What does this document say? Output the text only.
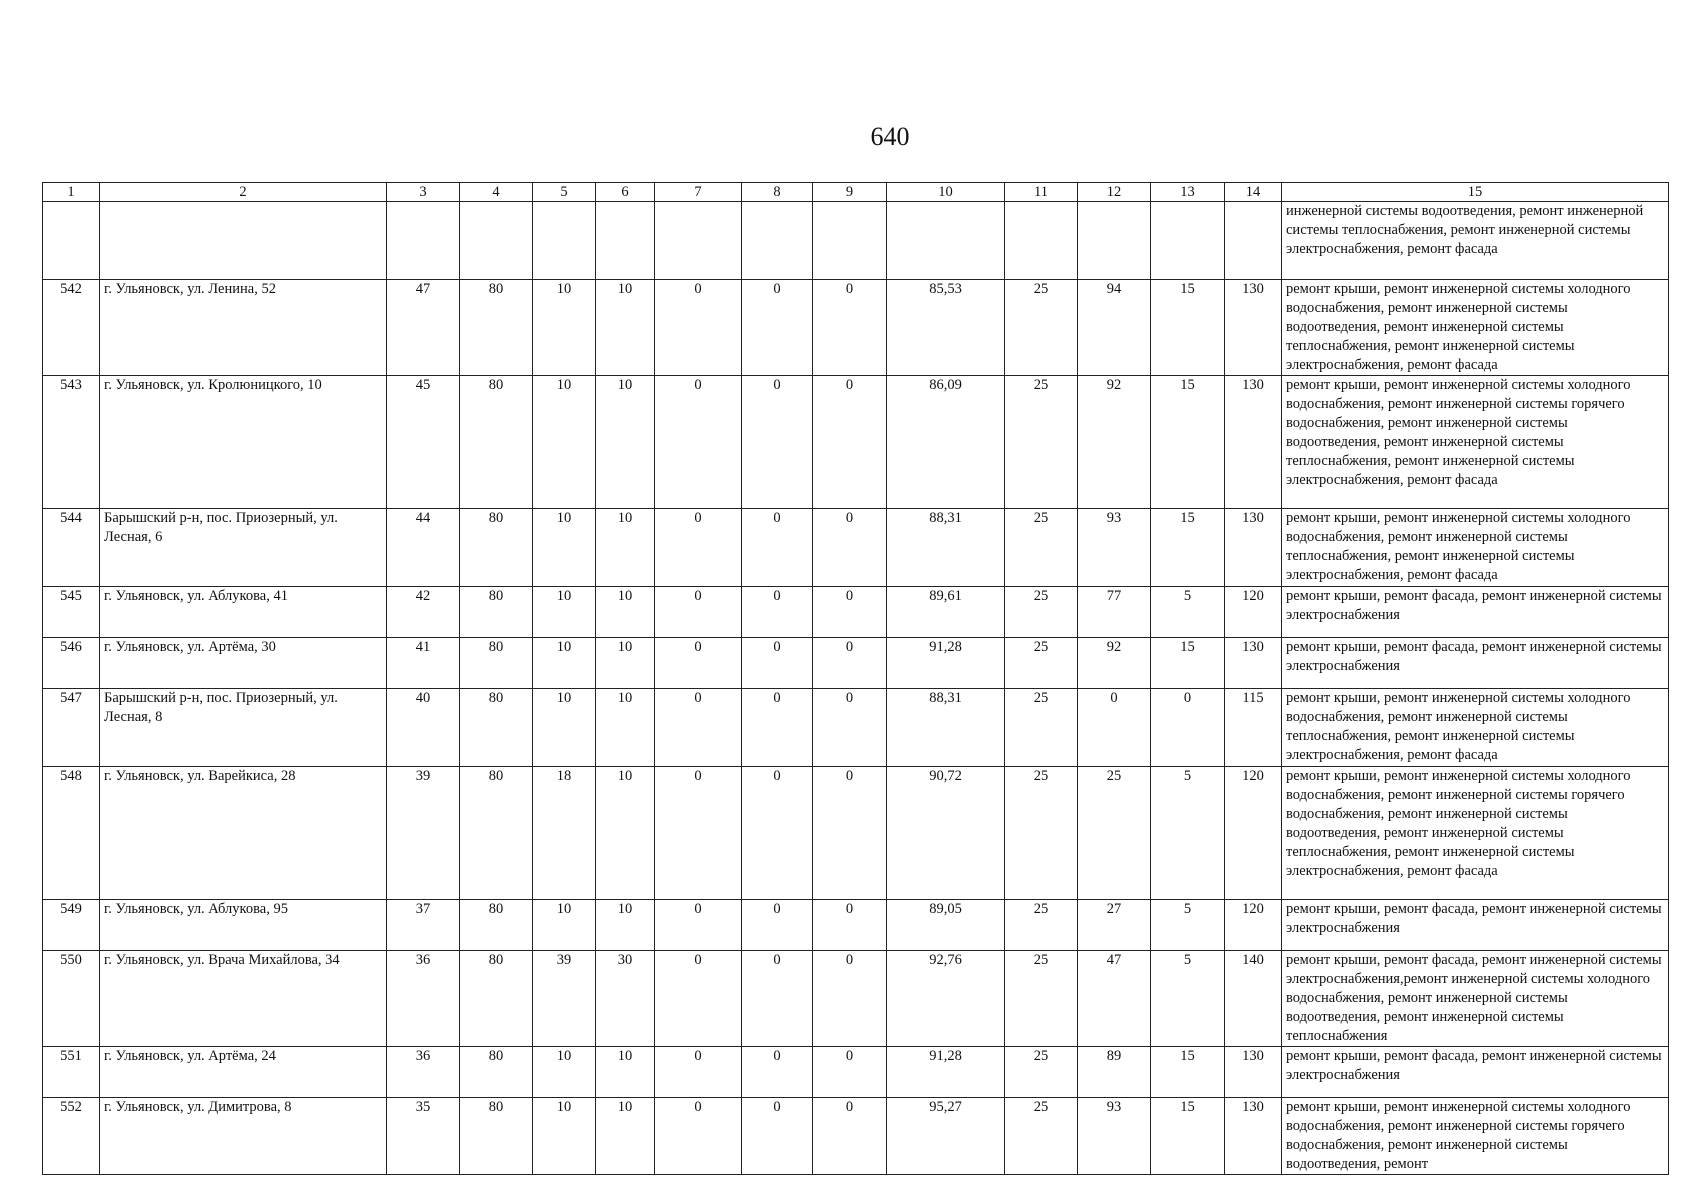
640
1	2	3	4	5	6	7	8	9	10	11	12	13	14	15
														инженерной системы водоотведения, ремонт инженерной системы теплоснабжения, ремонт инженерной системы электроснабжения, ремонт фасада
542	г. Ульяновск, ул. Ленина, 52	47	80	10	10	0	0	0	85,53	25	94	15	130	ремонт крыши, ремонт инженерной системы холодного водоснабжения, ремонт инженерной системы водоотведения, ремонт инженерной системы теплоснабжения, ремонт инженерной системы электроснабжения, ремонт фасада
543	г. Ульяновск, ул. Кролюницкого, 10	45	80	10	10	0	0	0	86,09	25	92	15	130	ремонт крыши, ремонт инженерной системы холодного водоснабжения, ремонт инженерной системы горячего водоснабжения, ремонт инженерной системы водоотведения, ремонт инженерной системы теплоснабжения, ремонт инженерной системы электроснабжения, ремонт фасада
544	Барышский р-н, пос. Приозерный, ул. Лесная, 6	44	80	10	10	0	0	0	88,31	25	93	15	130	ремонт крыши, ремонт инженерной системы холодного водоснабжения, ремонт инженерной системы теплоснабжения, ремонт инженерной системы электроснабжения, ремонт фасада
545	г. Ульяновск, ул. Аблукова, 41	42	80	10	10	0	0	0	89,61	25	77	5	120	ремонт крыши, ремонт фасада, ремонт инженерной системы электроснабжения
546	г. Ульяновск, ул. Артёма, 30	41	80	10	10	0	0	0	91,28	25	92	15	130	ремонт крыши, ремонт фасада, ремонт инженерной системы электроснабжения
547	Барышский р-н, пос. Приозерный, ул. Лесная, 8	40	80	10	10	0	0	0	88,31	25	0	0	115	ремонт крыши, ремонт инженерной системы холодного водоснабжения, ремонт инженерной системы теплоснабжения, ремонт инженерной системы электроснабжения, ремонт фасада
548	г. Ульяновск, ул. Варейкиса, 28	39	80	18	10	0	0	0	90,72	25	25	5	120	ремонт крыши, ремонт инженерной системы холодного водоснабжения, ремонт инженерной системы горячего водоснабжения, ремонт инженерной системы водоотведения, ремонт инженерной системы теплоснабжения, ремонт инженерной системы электроснабжения, ремонт фасада
549	г. Ульяновск, ул. Аблукова, 95	37	80	10	10	0	0	0	89,05	25	27	5	120	ремонт крыши, ремонт фасада, ремонт инженерной системы электроснабжения
550	г. Ульяновск, ул. Врача Михайлова, 34	36	80	39	30	0	0	0	92,76	25	47	5	140	ремонт крыши, ремонт фасада, ремонт инженерной системы электроснабжения,ремонт инженерной системы холодного водоснабжения, ремонт инженерной системы водоотведения, ремонт инженерной системы теплоснабжения
551	г. Ульяновск, ул. Артёма, 24	36	80	10	10	0	0	0	91,28	25	89	15	130	ремонт крыши, ремонт фасада, ремонт инженерной системы электроснабжения
552	г. Ульяновск, ул. Димитрова, 8	35	80	10	10	0	0	0	95,27	25	93	15	130	ремонт крыши, ремонт инженерной системы холодного водоснабжения, ремонт инженерной системы горячего водоснабжения, ремонт инженерной системы водоотведения, ремонт
